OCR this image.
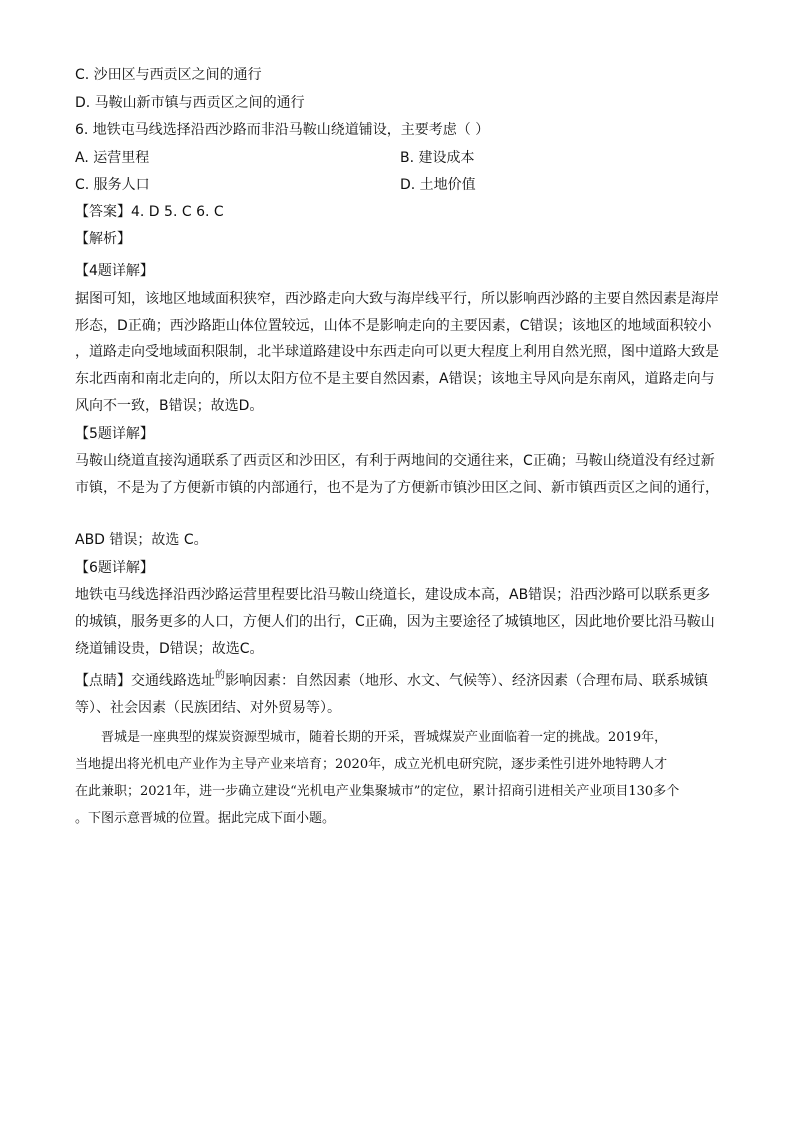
C. 沙田区与西贡区之间的通行
D. 马鞍山新市镇与西贡区之间的通行
6. 地铁屯马线选择沿西沙路而非沿马鞍山绕道铺设，主要考虑（ ）
A. 运营里程	B. 建设成本
C. 服务人口	D. 土地价值
【答案】4. D 5. C 6. C
【解析】
【4题详解】
据图可知，该地区地域面积狭窄，西沙路走向大致与海岸线平行，所以影响西沙路的主要自然因素是海岸
形态，D正确；西沙路距山体位置较远，山体不是影响走向的主要因素，C错误；该地区的地域面积较小
，道路走向受地域面积限制，北半球道路建设中东西走向可以更大程度上利用自然光照，图中道路大致是
东北西南和南北走向的，所以太阳方位不是主要自然因素，A错误；该地主导风向是东南风，道路走向与
风向不一致，B错误；故选D。
【5题详解】
马鞍山绕道直接沟通联系了西贡区和沙田区，有利于两地间的交通往来，C正确；马鞍山绕道没有经过新
市镇，不是为了方便新市镇的内部通行，也不是为了方便新市镇沙田区之间、新市镇西贡区之间的通行，
ABD 错误；故选 C。
【6题详解】
地铁屯马线选择沿西沙路运营里程要比沿马鞍山绕道长，建设成本高，AB错误；沿西沙路可以联系更多
的城镇，服务更多的人口，方便人们的出行，C正确，因为主要途径了城镇地区，因此地价要比沿马鞍山
绕道铺设贵，D错误；故选C。
【点睛】交通线路选址$^的$影响因素：自然因素（地形、水文、气候等）、经济因素（合理布局、联系城镇
等）、社会因素（民族团结、对外贸易等）。
晋城是一座典型的煤炭资源型城市，随着长期的开采，晋城煤炭产业面临着一定的挑战。2019年，
当地提出将光机电产业作为主导产业来培育；2020年，成立光机电研究院，逐步柔性引进外地特聘人才
在此兼职；2021年，进一步确立建设“光机电产业集聚城市”的定位，累计招商引进相关产业项目130多个
。下图示意晋城的位置。据此完成下面小题。
